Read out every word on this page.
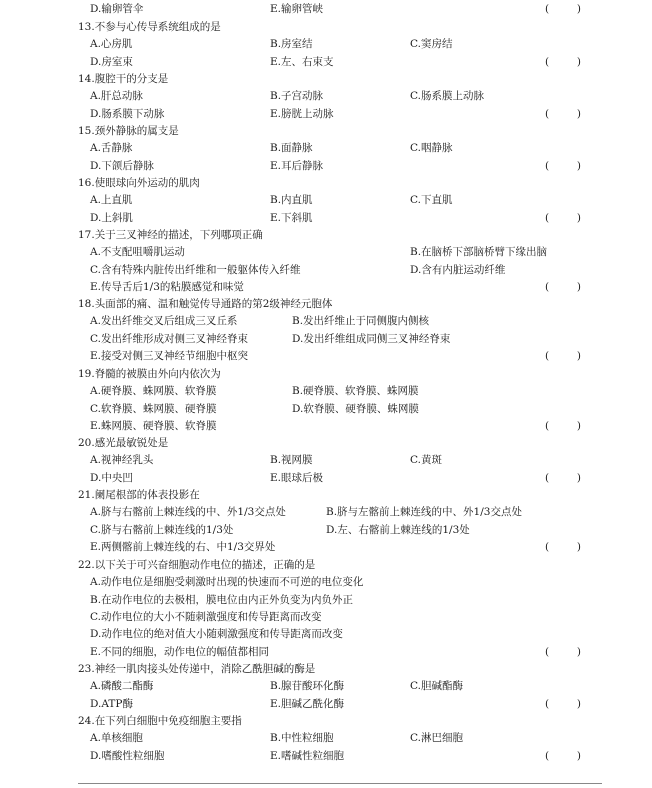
D.输卵管伞	E.输卵管峡	(	)
13.不参与心传导系统组成的是
A.心房肌	B.房室结	C.窦房结
D.房室束	E.左、右束支	(	)
14.腹腔干的分支是
A.肝总动脉	B.子宫动脉	C.肠系膜上动脉
D.肠系膜下动脉	E.膀胱上动脉	(	)
15.颈外静脉的属支是
A.舌静脉	B.面静脉	C.咽静脉
D.下颌后静脉	E.耳后静脉	(	)
16.使眼球向外运动的肌肉
A.上直肌	B.内直肌	C.下直肌
D.上斜肌	E.下斜肌	(	)
17.关于三叉神经的描述，下列哪项正确
A.不支配咀嚼肌运动	B.在脑桥下部脑桥臂下缘出脑
C.含有特殊内脏传出纤维和一般躯体传入纤维	D.含有内脏运动纤维
E.传导舌后1/3的粘膜感觉和味觉	(	)
18.头面部的痛、温和触觉传导通路的第2级神经元胞体
A.发出纤维交叉后组成三叉丘系	B.发出纤维止于同侧腹内侧核
C.发出纤维形成对侧三叉神经脊束	D.发出纤维组成同侧三叉神经脊束
E.接受对侧三叉神经节细胞中枢突	(	)
19.脊髓的被膜由外向内依次为
A.硬脊膜、蛛网膜、软脊膜	B.硬脊膜、软脊膜、蛛网膜
C.软脊膜、蛛网膜、硬脊膜	D.软脊膜、硬脊膜、蛛网膜
E.蛛网膜、硬脊膜、软脊膜	(	)
20.感光最敏锐处是
A.视神经乳头	B.视网膜	C.黄斑
D.中央凹	E.眼球后极	(	)
21.阑尾根部的体表投影在
A.脐与右髂前上棘连线的中、外1/3交点处	B.脐与左髂前上棘连线的中、外1/3交点处
C.脐与右髂前上棘连线的1/3处	D.左、右髂前上棘连线的1/3处
E.两侧髂前上棘连线的右、中1/3交界处	(	)
22.以下关于可兴奋细胞动作电位的描述，正确的是
A.动作电位是细胞受刺激时出现的快速而不可逆的电位变化
B.在动作电位的去极相，膜电位由内正外负变为内负外正
C.动作电位的大小不随刺激强度和传导距离而改变
D.动作电位的绝对值大小随刺激强度和传导距离而改变
E.不同的细胞，动作电位的幅值都相同	(	)
23.神经一肌肉接头处传递中，消除乙酰胆碱的酶是
A.磷酸二酯酶	B.腺苷酸环化酶	C.胆碱酯酶
D.ATP酶	E.胆碱乙酰化酶	(	)
24.在下列白细胞中免疫细胞主要指
A.单核细胞	B.中性粒细胞	C.淋巴细胞
D.嗜酸性粒细胞	E.嗜碱性粒细胞	(	)
